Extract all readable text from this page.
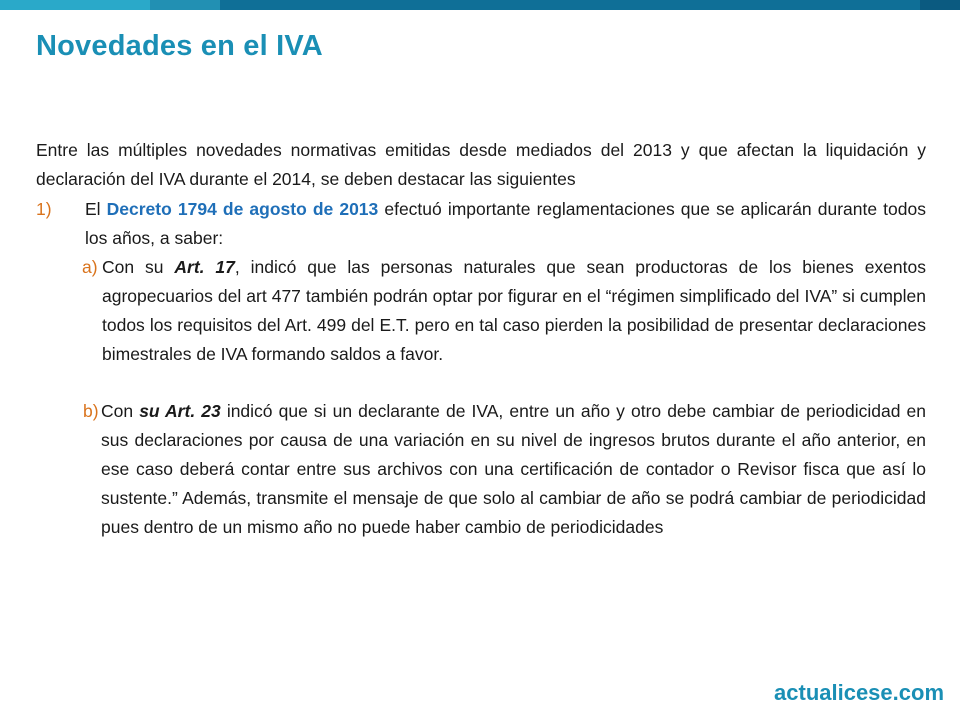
Novedades en el IVA

Entre las múltiples novedades normativas emitidas desde mediados del 2013 y que afectan la liquidación y declaración del IVA durante el 2014, se deben destacar las siguientes

1) El Decreto 1794 de agosto de 2013 efectuó importante reglamentaciones que se aplicarán durante todos los años, a saber:

a) Con su Art. 17, indicó que las personas naturales que sean productoras de los bienes exentos agropecuarios del art 477 también podrán optar por figurar en el “régimen simplificado del IVA” si cumplen todos los requisitos del Art. 499 del E.T. pero en tal caso pierden la posibilidad de presentar declaraciones bimestrales de IVA formando saldos a favor.

b) Con su Art. 23 indicó que si un declarante de IVA, entre un año y otro debe cambiar de periodicidad en sus declaraciones por causa de una variación en su nivel de ingresos brutos durante el año anterior, en ese caso deberá contar entre sus archivos con una certificación de contador o Revisor fisca que así lo sustente.” Además, transmite el mensaje de que solo al cambiar de año se podrá cambiar de periodicidad pues dentro de un mismo año no puede haber cambio de periodicidades

actualicese.com
